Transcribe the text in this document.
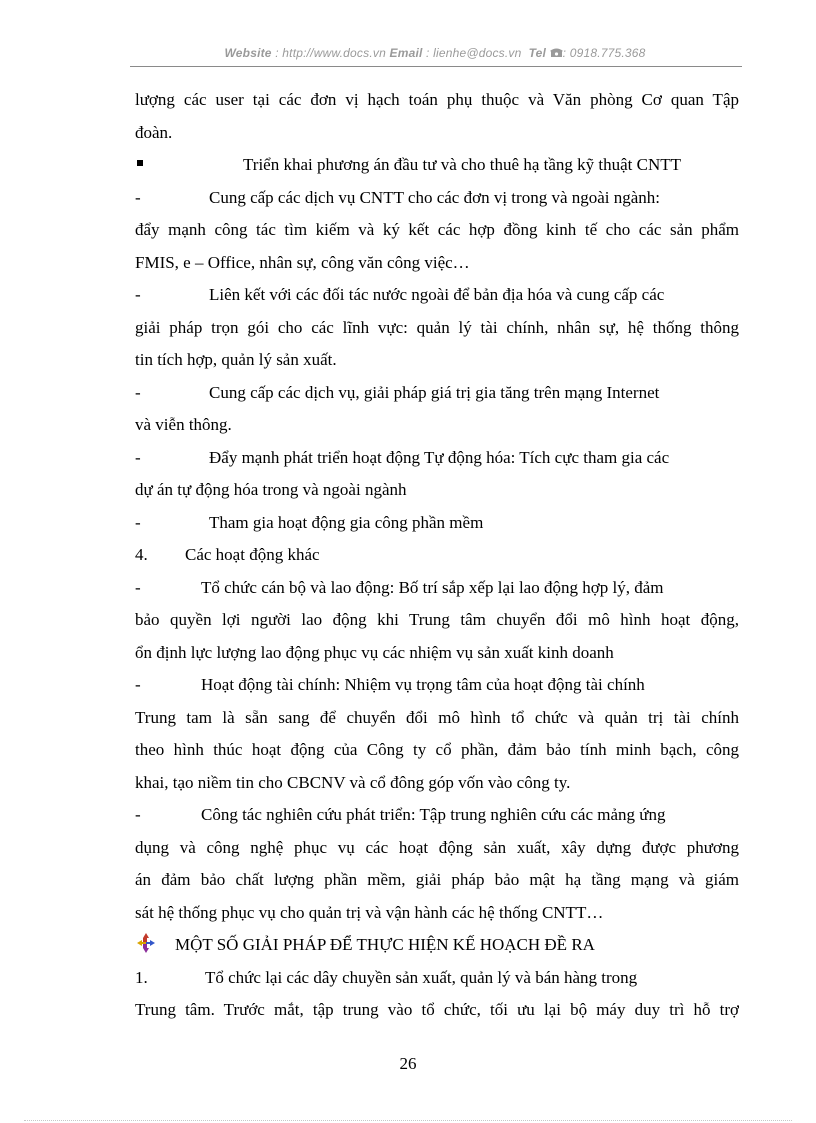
Website : http://www.docs.vn Email : lienhe@docs.vn Tel : 0918.775.368
lượng các user tại các đơn vị hạch toán phụ thuộc và Văn phòng Cơ quan Tập
đoàn.
Triển khai phương án đầu tư và cho thuê hạ tầng kỹ thuật CNTT
-	Cung cấp các dịch vụ CNTT cho các đơn vị trong và ngoài ngành:
đẩy mạnh công tác tìm kiếm và ký kết các hợp đồng kinh tế cho các sản phẩm
FMIS, e – Office, nhân sự, công văn công việc…
-	Liên kết với các đối tác nước ngoài để bản địa hóa và cung cấp các
giải pháp trọn gói cho các lĩnh vực: quản lý tài chính, nhân sự, hệ thống thông
tin tích hợp, quản lý sản xuất.
-	Cung cấp các dịch vụ, giải pháp giá trị gia tăng trên mạng Internet
và viễn thông.
-	Đẩy mạnh phát triển hoạt động Tự động hóa: Tích cực tham gia các
dự án tự động hóa trong và ngoài ngành
-	Tham gia hoạt động gia công phần mềm
4. Các hoạt động khác
-	Tổ chức cán bộ và lao động: Bố trí sắp xếp lại lao động hợp lý, đảm
bảo quyền lợi người lao động khi Trung tâm chuyển đổi mô hình hoạt động,
ổn định lực lượng lao động phục vụ các nhiệm vụ sản xuất kinh doanh
-	Hoạt động tài chính: Nhiệm vụ trọng tâm của hoạt động tài chính
Trung tam là sẵn sang để chuyển đổi mô hình tổ chức và quản trị tài chính
theo hình thúc hoạt động của Công ty cổ phần, đảm bảo tính minh bạch, công
khai, tạo niềm tin cho CBCNV và cổ đông góp vốn vào công ty.
-	Công tác nghiên cứu phát triển: Tập trung nghiên cứu các mảng ứng
dụng và công nghệ phục vụ các hoạt động sản xuất, xây dựng được phương
án đảm bảo chất lượng phần mềm, giải pháp bảo mật hạ tầng mạng và giám
sát hệ thống phục vụ cho quản trị và vận hành các hệ thống CNTT…
MỘT SỐ GIẢI PHÁP ĐỂ THỰC HIỆN KẾ HOẠCH ĐỀ RA
1.	Tổ chức lại các dây chuyền sản xuất, quản lý và bán hàng trong
Trung tâm. Trước mắt, tập trung vào tổ chức, tối ưu lại bộ máy duy trì hỗ trợ
26
